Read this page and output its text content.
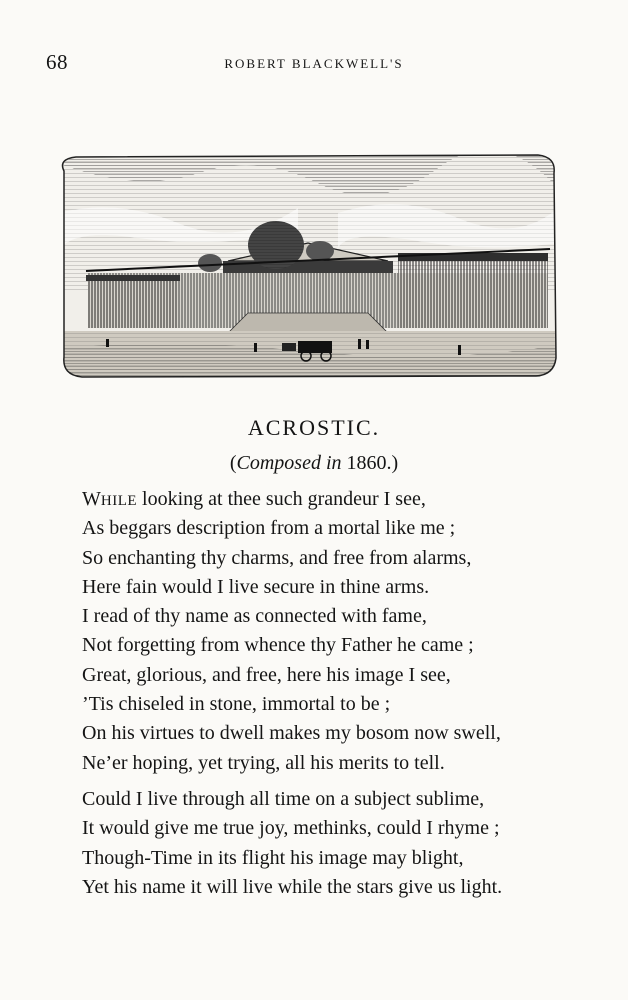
68	ROBERT BLACKWELL'S
ACROSTIC.
(Composed in 1860.)
WHILE looking at thee such grandeur I see,
As beggars description from a mortal like me ;
So enchanting thy charms, and free from alarms,
Here fain would I live secure in thine arms.
I read of thy name as connected with fame,
Not forgetting from whence thy Father he came ;
Great, glorious, and free, here his image I see,
’Tis chiseled in stone, immortal to be ;
On his virtues to dwell makes my bosom now swell,
Ne’er hoping, yet trying, all his merits to tell.
Could I live through all time on a subject sublime,
It would give me true joy, methinks, could I rhyme ;
Though-Time in its flight his image may blight,
Yet his name it will live while the stars give us light.
